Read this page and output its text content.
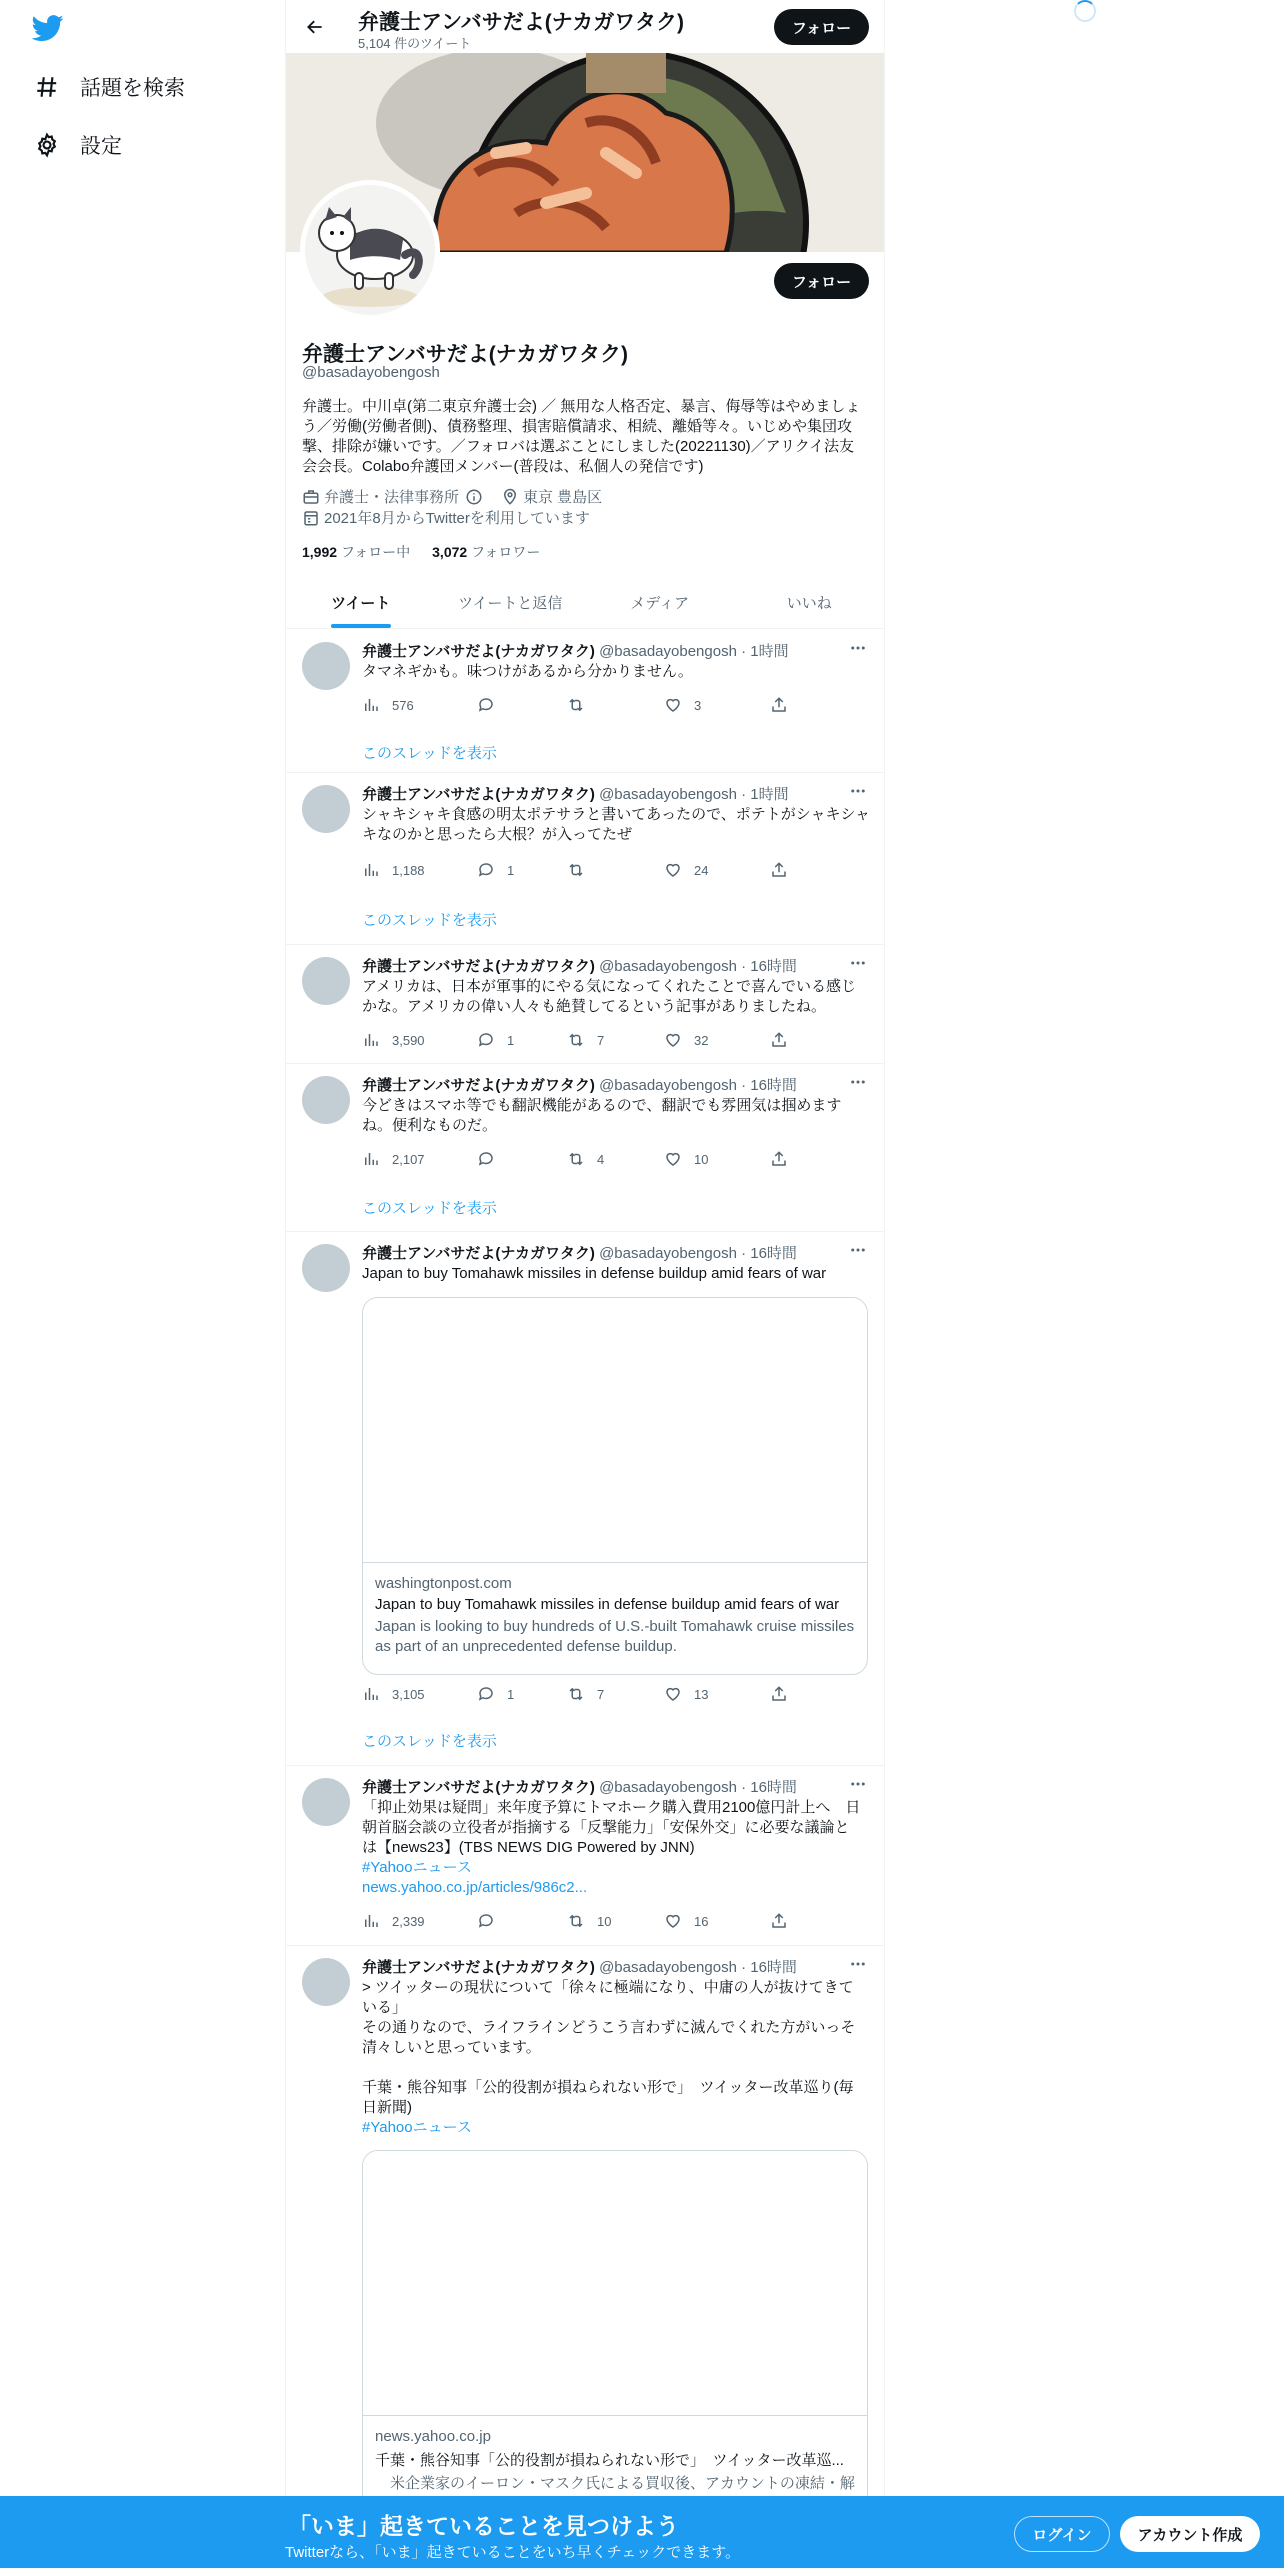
話題を検索
設定
弁護士アンバサだよ(ナカガワタク)
5,104 件のツイート
フォロー
フォロー
弁護士アンバサだよ(ナカガワタク)
@basadayobengosh
弁護士。中川卓(第二東京弁護士会) ／ 無用な人格否定、暴言、侮辱等はやめましょう／労働(労働者側)、債務整理、損害賠償請求、相続、離婚等々。いじめや集団攻
撃、排除が嫌いです。／フォロバは選ぶことにしました(20221130)／アリクイ法友
会会長。Colabo弁護団メンバー(普段は、私個人の発信です)
弁護士・法律事務所	東京 豊島区
2021年8月からTwitterを利用しています
1,992 フォロー中 3,072 フォロワー
ツイート	ツイートと返信	メディア	いいね
弁護士アンバサだよ(ナカガワタク) @basadayobengosh · 1時間
タマネギかも。味つけがあるから分かりません。
576	3
このスレッドを表示
弁護士アンバサだよ(ナカガワタク) @basadayobengosh · 1時間
シャキシャキ食感の明太ポテサラと書いてあったので、ポテトがシャキシャ
キなのかと思ったら大根？が入ってたぜ
1,188	1	24
このスレッドを表示
弁護士アンバサだよ(ナカガワタク) @basadayobengosh · 16時間
アメリカは、日本が軍事的にやる気になってくれたことで喜んでいる感じ
かな。アメリカの偉い人々も絶賛してるという記事がありましたね。
3,590	1	7	32
弁護士アンバサだよ(ナカガワタク) @basadayobengosh · 16時間
今どきはスマホ等でも翻訳機能があるので、翻訳でも雰囲気は掴めます
ね。便利なものだ。
2,107	4	10
このスレッドを表示
弁護士アンバサだよ(ナカガワタク) @basadayobengosh · 16時間
Japan to buy Tomahawk missiles in defense buildup amid fears of war
washingtonpost.com
Japan to buy Tomahawk missiles in defense buildup amid fears of war
Japan is looking to buy hundreds of U.S.-built Tomahawk cruise missiles as part of an unprecedented defense buildup.
3,105	1	7	13
このスレッドを表示
弁護士アンバサだよ(ナカガワタク) @basadayobengosh · 16時間
「抑止効果は疑問」来年度予算にトマホーク購入費用2100億円計上へ　日
朝首脳会談の立役者が指摘する「反撃能力」「安保外交」に必要な議論と
は【news23】(TBS NEWS DIG Powered by JNN)
#Yahooニュース
news.yahoo.co.jp/articles/986c2...
2,339	10	16
弁護士アンバサだよ(ナカガワタク) @basadayobengosh · 16時間
> ツイッターの現状について「徐々に極端になり、中庸の人が抜けてきて
いる」
その通りなので、ライフラインどうこう言わずに滅んでくれた方がいっそ
清々しいと思っています。

千葉・熊谷知事「公的役割が損ねられない形で」　ツイッター改革巡り(毎
日新聞)
#Yahooニュース
news.yahoo.co.jp
千葉・熊谷知事「公的役割が損ねられない形で」　ツイッター改革巡...
　米企業家のイーロン・マスク氏による買収後、アカウントの凍結・解
「いま」起きていることを見つけよう
Twitterなら、「いま」起きていることをいち早くチェックできます。
ログイン	アカウント作成
